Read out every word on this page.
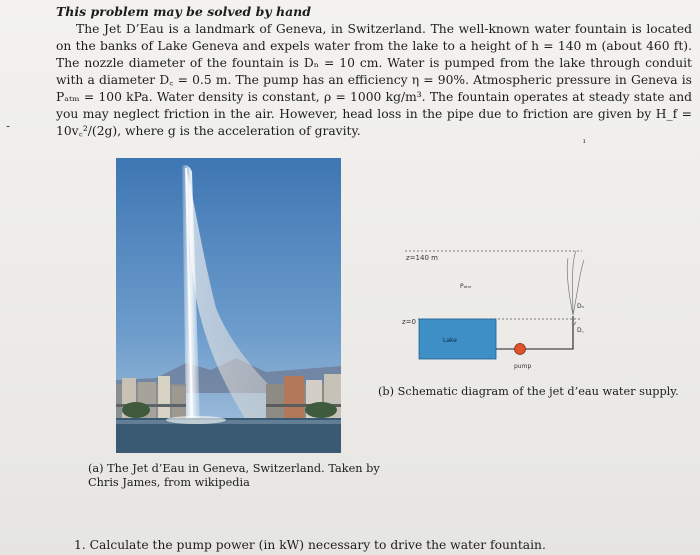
This problem may be solved by hand
The Jet D’Eau is a landmark of Geneva, in Switzerland. The well-known water fountain is located on the banks of Lake Geneva and expels water from the lake to a height of h = 140 m (about 460 ft). The nozzle diameter of the fountain is Dₙ = 10 cm. Water is pumped from the lake through conduit with a diameter D꜀ = 0.5 m. The pump has an efficiency η = 90%. Atmospheric pressure in Geneva is Pₐₜₘ = 100 kPa. Water density is constant, ρ = 1000 kg/m³. The fountain operates at steady state and you may neglect friction in the air. However, head loss in the pipe due to friction are given by H_f = 10v꜀²/(2g), where g is the acceleration of gravity.
-
ᶦ
(a) The Jet d’Eau in Geneva, Switzerland. Taken by Chris James, from wikipedia
z=140 m
Pₐₜₘ
z=0
Lake
pump
Dₙ
D꜀
(b) Schematic diagram of the jet d’eau water supply.
1. Calculate the pump power (in kW) necessary to drive the water fountain.
